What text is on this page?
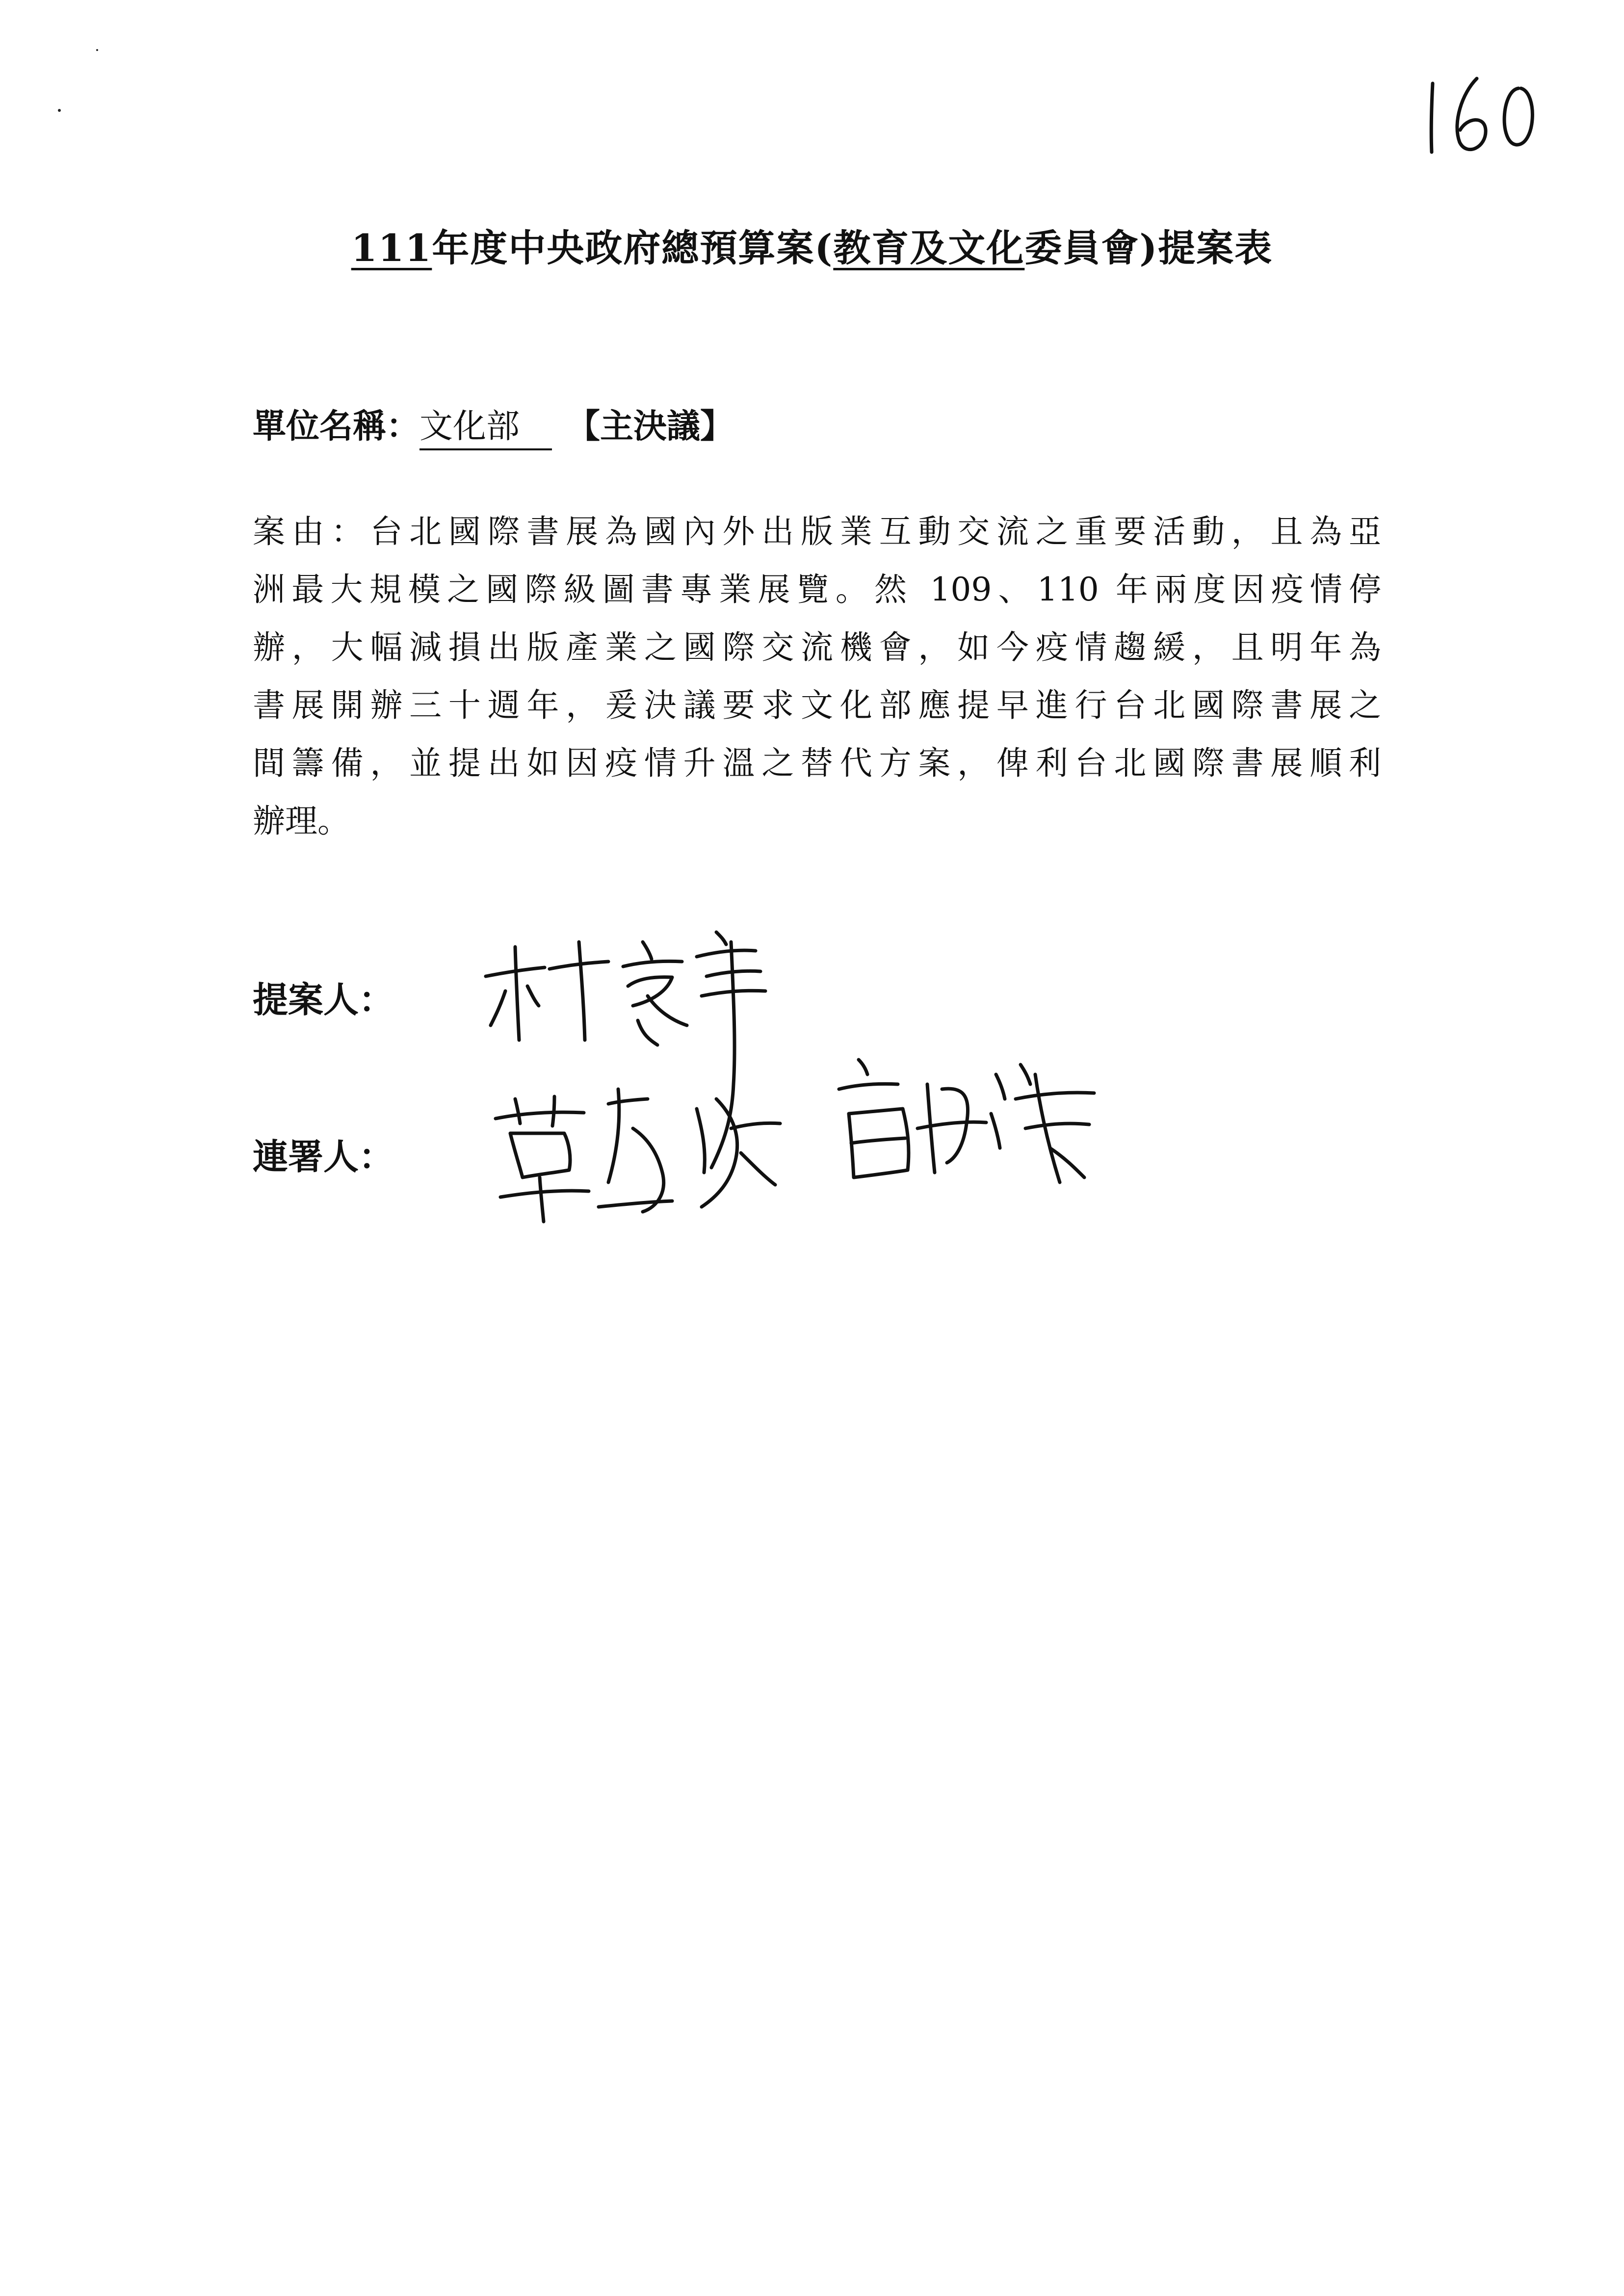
111年度中央政府總預算案(教育及文化委員會)提案表
單位名稱：文化部 【主決議】
案由：台北國際書展為國內外出版業互動交流之重要活動，且為亞
洲最大規模之國際級圖書專業展覽。然 109、110 年兩度因疫情停
辦，大幅減損出版產業之國際交流機會，如今疫情趨緩，且明年為
書展開辦三十週年，爰決議要求文化部應提早進行台北國際書展之
間籌備，並提出如因疫情升溫之替代方案，俾利台北國際書展順利
辦理。
提案人：
連署人：
